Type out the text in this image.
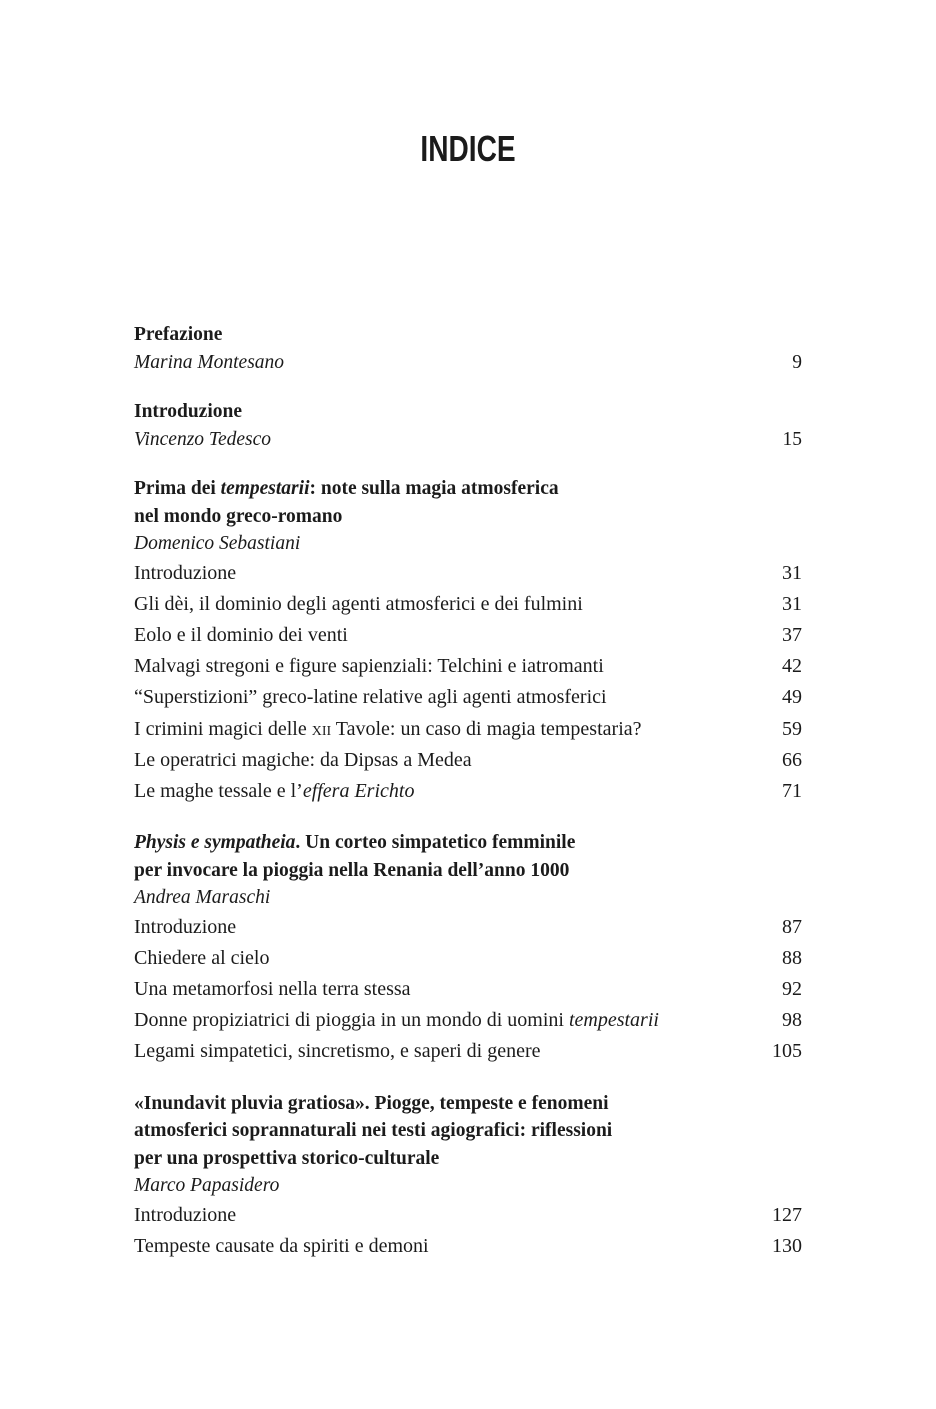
INDICE
Prefazione
Marina Montesano	9
Introduzione
Vincenzo Tedesco	15
Prima dei tempestarii: note sulla magia atmosferica
nel mondo greco-romano
Domenico Sebastiani
Introduzione	31
Gli dèi, il dominio degli agenti atmosferici e dei fulmini	31
Eolo e il dominio dei venti	37
Malvagi stregoni e figure sapienziali: Telchini e iatromanti	42
“Superstizioni” greco-latine relative agli agenti atmosferici	49
I crimini magici delle xii Tavole: un caso di magia tempestaria?	59
Le operatrici magiche: da Dipsas a Medea	66
Le maghe tessale e l’effera Erichto	71
Physis e sympatheia. Un corteo simpatetico femminile
per invocare la pioggia nella Renania dell’anno 1000
Andrea Maraschi
Introduzione	87
Chiedere al cielo	88
Una metamorfosi nella terra stessa	92
Donne propiziatrici di pioggia in un mondo di uomini tempestarii	98
Legami simpatetici, sincretismo, e saperi di genere	105
«Inundavit pluvia gratiosa». Piogge, tempeste e fenomeni
atmosferici soprannaturali nei testi agiografici: riflessioni
per una prospettiva storico-culturale
Marco Papasidero
Introduzione	127
Tempeste causate da spiriti e demoni	130
